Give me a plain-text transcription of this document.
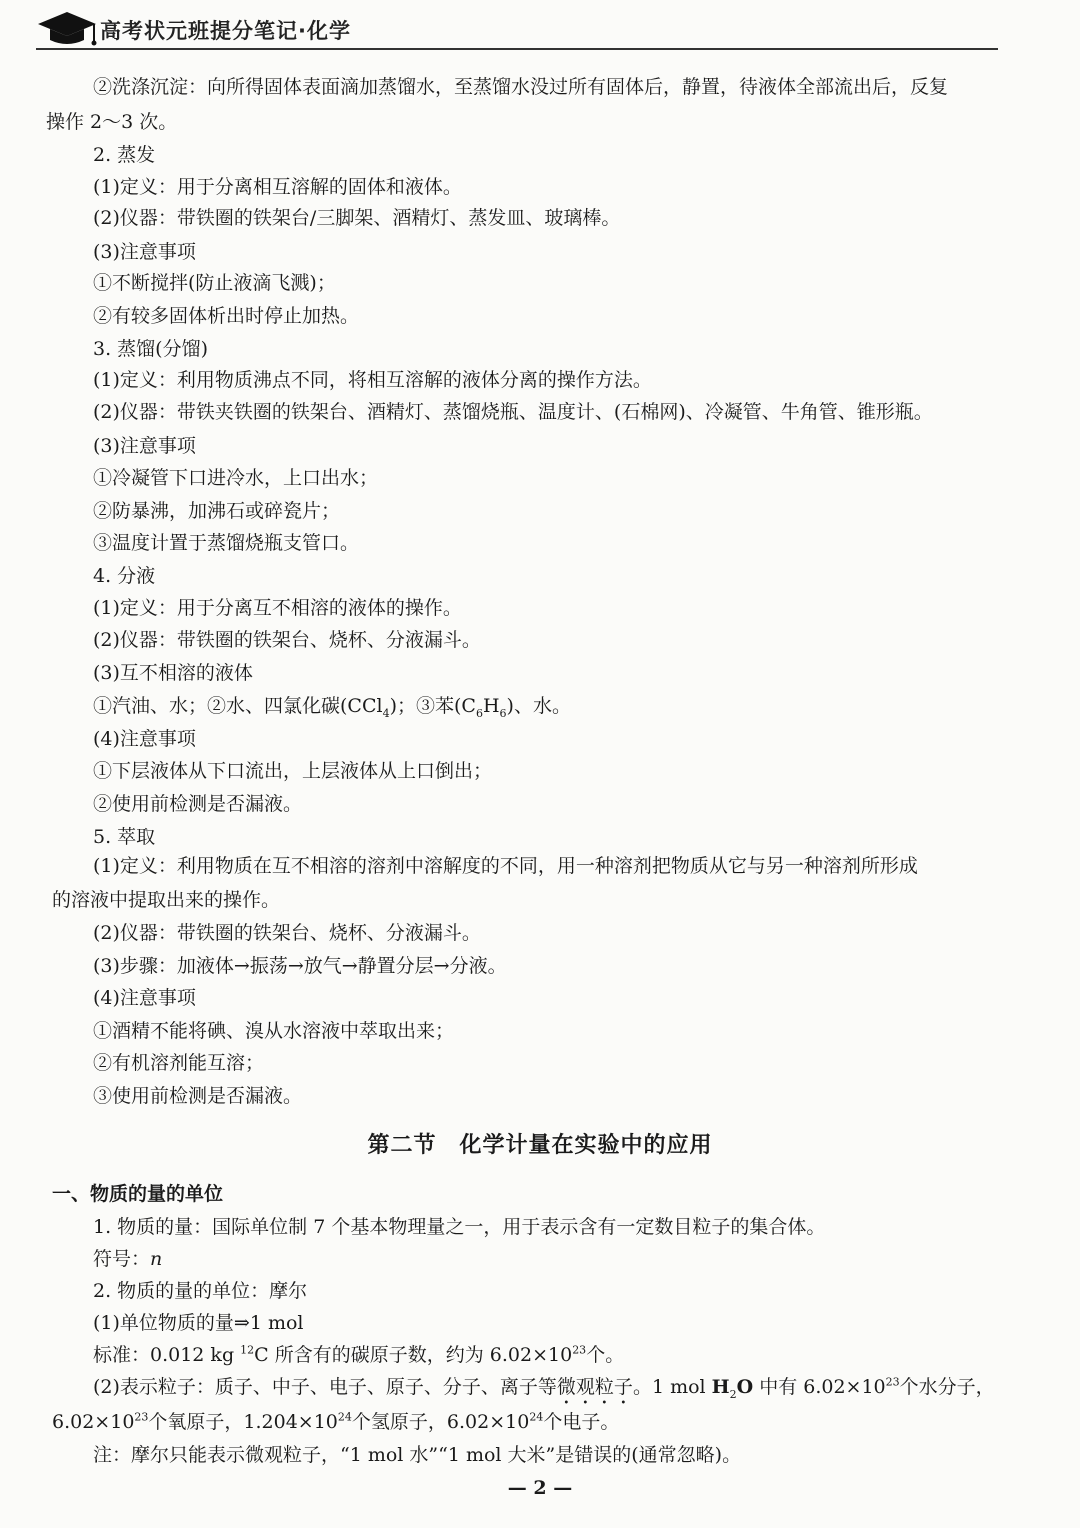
高考状元班提分笔记·化学
②洗涤沉淀：向所得固体表面滴加蒸馏水，至蒸馏水没过所有固体后，静置，待液体全部流出后，反复
操作 2～3 次。
2. 蒸发
(1)定义：用于分离相互溶解的固体和液体。
(2)仪器：带铁圈的铁架台/三脚架、酒精灯、蒸发皿、玻璃棒。
(3)注意事项
①不断搅拌(防止液滴飞溅)；
②有较多固体析出时停止加热。
3. 蒸馏(分馏)
(1)定义：利用物质沸点不同，将相互溶解的液体分离的操作方法。
(2)仪器：带铁夹铁圈的铁架台、酒精灯、蒸馏烧瓶、温度计、(石棉网)、冷凝管、牛角管、锥形瓶。
(3)注意事项
①冷凝管下口进冷水，上口出水；
②防暴沸，加沸石或碎瓷片；
③温度计置于蒸馏烧瓶支管口。
4. 分液
(1)定义：用于分离互不相溶的液体的操作。
(2)仪器：带铁圈的铁架台、烧杯、分液漏斗。
(3)互不相溶的液体
①汽油、水；②水、四氯化碳(CCl$_4$)；③苯$(C_6H_6)$、水。
(4)注意事项
①下层液体从下口流出，上层液体从上口倒出；
②使用前检测是否漏液。
5. 萃取
(1)定义：利用物质在互不相溶的溶剂中溶解度的不同，用一种溶剂把物质从它与另一种溶剂所形成
的溶液中提取出来的操作。
(2)仪器：带铁圈的铁架台、烧杯、分液漏斗。
(3)步骤：加液体→振荡→放气→静置分层→分液。
(4)注意事项
①酒精不能将碘、溴从水溶液中萃取出来；
②有机溶剂能互溶；
③使用前检测是否漏液。
第二节　化学计量在实验中的应用
一、物质的量的单位
1. 物质的量：国际单位制 7 个基本物理量之一，用于表示含有一定数目粒子的集合体。
符号：n
2. 物质的量的单位：摩尔
(1)单位物质的量⇒1 mol
标准：0.012 kg $^{12}$C 所含有的碳原子数，约为 $6.02\times 10^{23}$个。
(2)表示粒子：质子、中子、电子、原子、分子、离子等微观粒子。1 mol $H_2O$ 中有 $6.02\times 10^{23}$个水分子，
$6.02\times 10^{23}$个氧原子，$1.204\times 10^{24}$个氢原子，$6.02\times 10^{24}$个电子。
注：摩尔只能表示微观粒子，“1 mol 水”“1 mol 大米”是错误的(通常忽略)。
— 2 —
